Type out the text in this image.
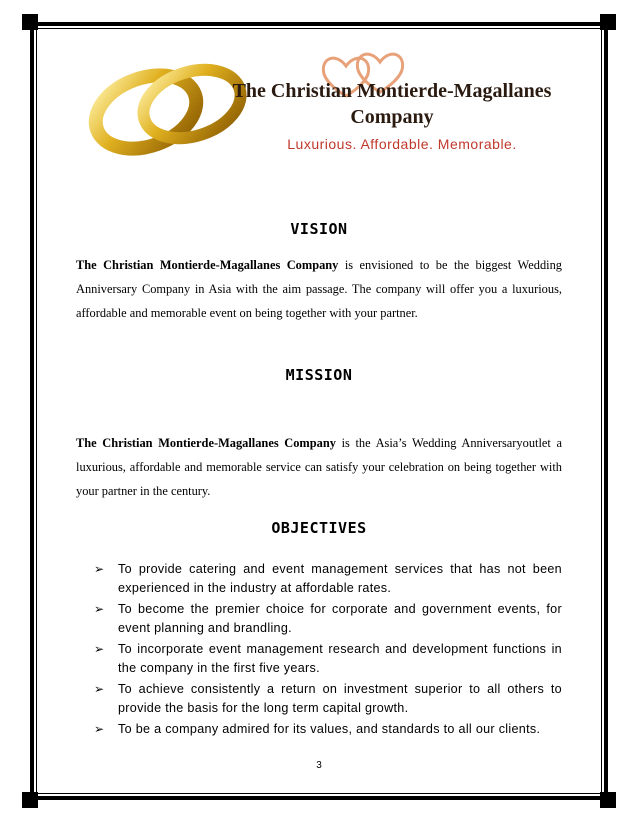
The Christian Montierde-Magallanes
Company
Luxurious. Affordable. Memorable.
VISION

The Christian Montierde-Magallanes Company is envisioned to be the biggest Wedding Anniversary Company in Asia with the aim passage. The company will offer you a luxurious, affordable and memorable event on being together with your partner.

MISSION

The Christian Montierde-Magallanes Company is the Asia’s Wedding Anniversaryoutlet a luxurious, affordable and memorable service can satisfy your celebration on being together with your partner in the century.

OBJECTIVES
➢ To provide catering and event management services that has not been experienced in the industry at affordable rates.
➢ To become the premier choice for corporate and government events, for event planning and brandling.
➢ To incorporate event management research and development functions in the company in the first five years.
➢ To achieve consistently a return on investment superior to all others to provide the basis for the long term capital growth.
➢ To be a company admired for its values, and standards to all our clients.
3
